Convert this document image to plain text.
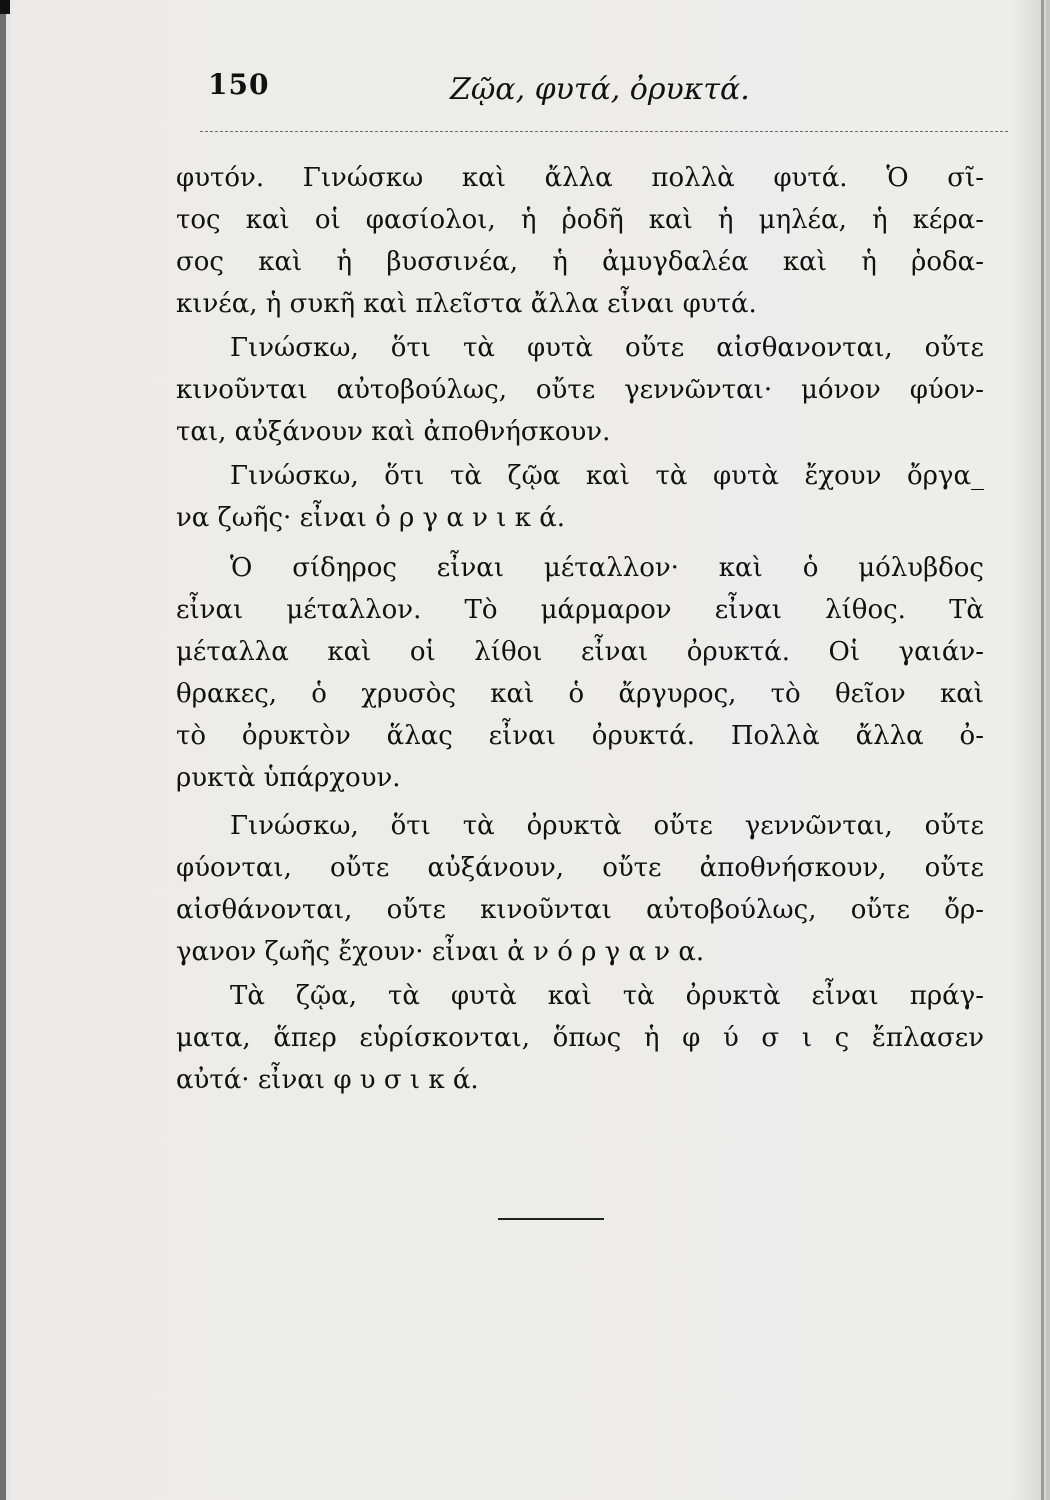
150	Ζῷα, φυτά, ὀρυκτά.
φυτόν. Γινώσκω καὶ ἄλλα πολλὰ φυτά. Ὁ σῖ-
τος καὶ οἱ φασίολοι, ἡ ῥοδῆ καὶ ἡ μηλέα, ἡ κέρα-
σος καὶ ἡ βυσσινέα, ἡ ἀμυγδαλέα καὶ ἡ ῥοδα-
κινέα, ἡ συκῆ καὶ πλεῖστα ἄλλα εἶναι φυτά.
Γινώσκω, ὅτι τὰ φυτὰ οὔτε αἰσθανονται, οὔτε
κινοῦνται αὐτοβούλως, οὔτε γεννῶνται· μόνον φύον-
ται, αὐξάνουν καὶ ἀποθνήσκουν.
Γινώσκω, ὅτι τὰ ζῷα καὶ τὰ φυτὰ ἔχουν ὄργα_
να ζωῆς· εἶναι ὀ ρ γ α ν ι κ ά.
Ὁ σίδηρος εἶναι μέταλλον· καὶ ὁ μόλυβδος
εἶναι μέταλλον. Τὸ μάρμαρον εἶναι λίθος. Τὰ
μέταλλα καὶ οἱ λίθοι εἶναι ὀρυκτά. Οἱ γαιάν-
θρακες, ὁ χρυσὸς καὶ ὁ ἄργυρος, τὸ θεῖον καὶ
τὸ ὀρυκτὸν ἅλας εἶναι ὀρυκτά. Πολλὰ ἄλλα ὀ-
ρυκτὰ ὑπάρχουν.
Γινώσκω, ὅτι τὰ ὀρυκτὰ οὔτε γεννῶνται, οὔτε
φύονται, οὔτε αὐξάνουν, οὔτε ἀποθνήσκουν, οὔτε
αἰσθάνονται, οὔτε κινοῦνται αὐτοβούλως, οὔτε ὄρ-
γανον ζωῆς ἔχουν· εἶναι ἀ ν ό ρ γ α ν α.
Τὰ ζῷα, τὰ φυτὰ καὶ τὰ ὀρυκτὰ εἶναι πράγ-
ματα, ἅπερ εὑρίσκονται, ὅπως ἡ φ ύ σ ι ς ἔπλασεν
αὐτά· εἶναι φ υ σ ι κ ά.
